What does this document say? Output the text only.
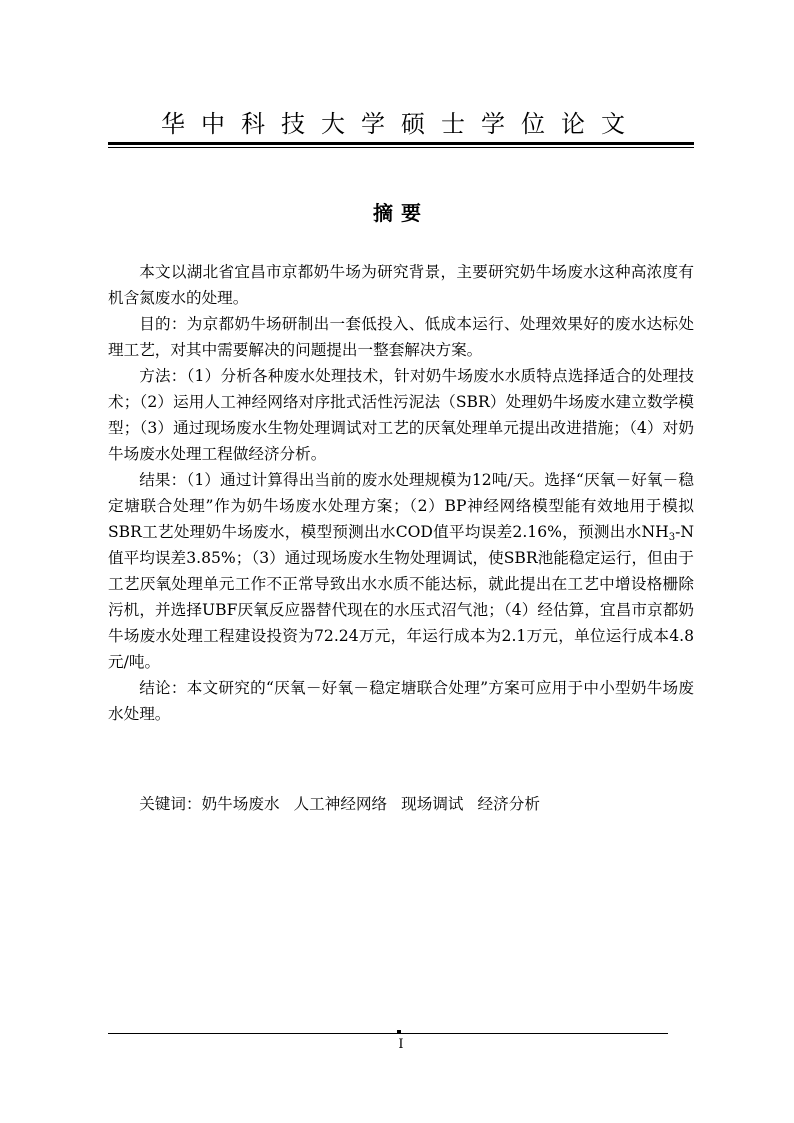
华中科技大学硕士学位论文
摘要

本文以湖北省宜昌市京都奶牛场为研究背景，主要研究奶牛场废水这种高浓度有机含氮废水的处理。

目的：为京都奶牛场研制出一套低投入、低成本运行、处理效果好的废水达标处理工艺，对其中需要解决的问题提出一整套解决方案。

方法：（1）分析各种废水处理技术，针对奶牛场废水水质特点选择适合的处理技术；（2）运用人工神经网络对序批式活性污泥法（SBR）处理奶牛场废水建立数学模型；（3）通过现场废水生物处理调试对工艺的厌氧处理单元提出改进措施；（4）对奶牛场废水处理工程做经济分析。

结果：（1）通过计算得出当前的废水处理规模为12吨/天。选择“厌氧－好氧－稳定塘联合处理”作为奶牛场废水处理方案；（2）BP神经网络模型能有效地用于模拟SBR工艺处理奶牛场废水，模型预测出水COD值平均误差2.16%，预测出水$NH_3-N$值平均误差3.85%；（3）通过现场废水生物处理调试，使SBR池能稳定运行，但由于工艺厌氧处理单元工作不正常导致出水水质不能达标，就此提出在工艺中增设格栅除污机，并选择UBF厌氧反应器替代现在的水压式沼气池；（4）经估算，宜昌市京都奶牛场废水处理工程建设投资为72.24万元，年运行成本为2.1万元，单位运行成本4.8元/吨。

结论：本文研究的“厌氧－好氧－稳定塘联合处理”方案可应用于中小型奶牛场废水处理。

关键词：奶牛场废水 人工神经网络 现场调试 经济分析
I
